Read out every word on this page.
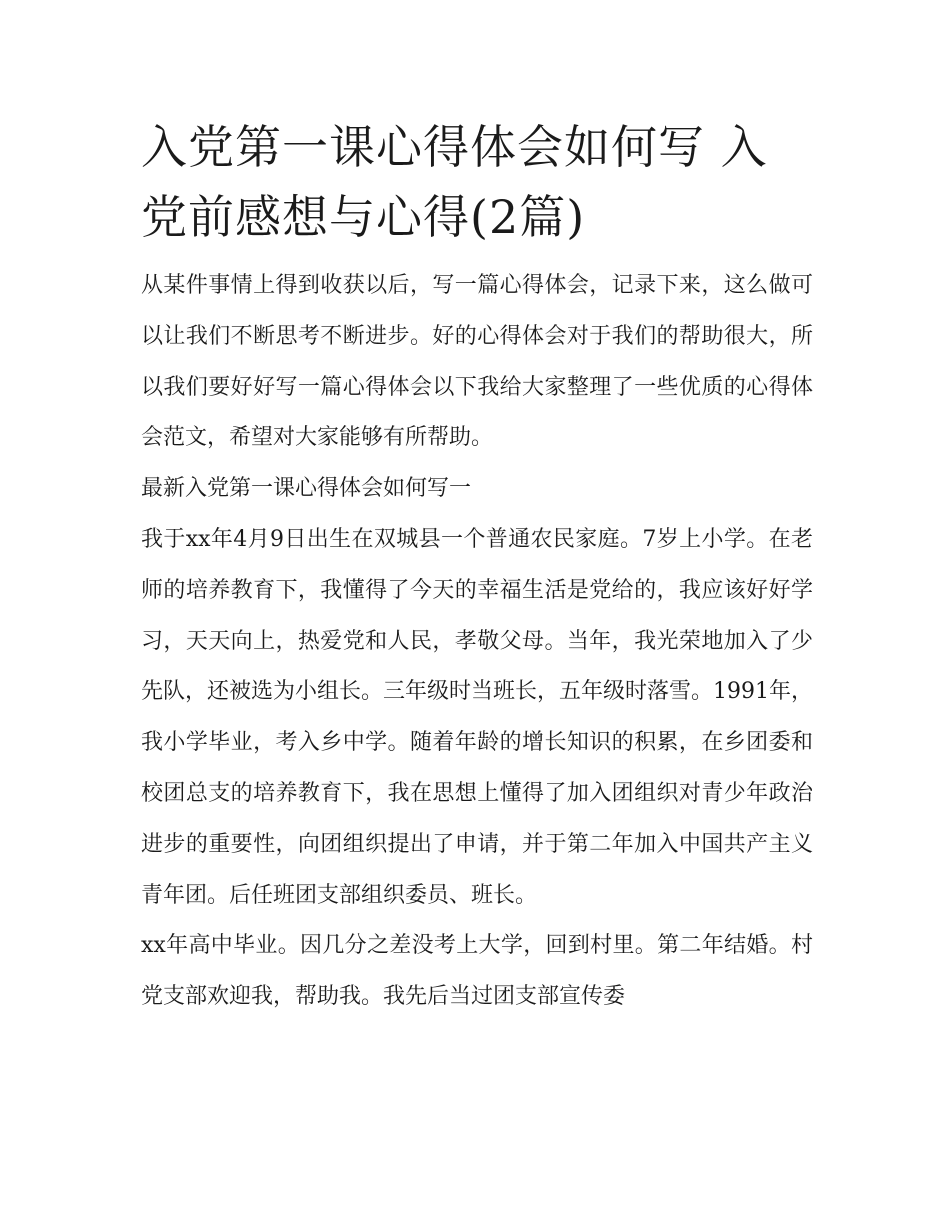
入党第一课心得体会如何写 入党前感想与心得(2篇)

从某件事情上得到收获以后，写一篇心得体会，记录下来，这么做可以让我们不断思考不断进步。好的心得体会对于我们的帮助很大，所以我们要好好写一篇心得体会以下我给大家整理了一些优质的心得体会范文，希望对大家能够有所帮助。

最新入党第一课心得体会如何写一

我于xx年4月9日出生在双城县一个普通农民家庭。7岁上小学。在老师的培养教育下，我懂得了今天的幸福生活是党给的，我应该好好学习，天天向上，热爱党和人民，孝敬父母。当年，我光荣地加入了少先队，还被选为小组长。三年级时当班长，五年级时落雪。1991年，我小学毕业，考入乡中学。随着年龄的增长知识的积累，在乡团委和校团总支的培养教育下，我在思想上懂得了加入团组织对青少年政治进步的重要性，向团组织提出了申请，并于第二年加入中国共产主义青年团。后任班团支部组织委员、班长。

xx年高中毕业。因几分之差没考上大学，回到村里。第二年结婚。村党支部欢迎我，帮助我。我先后当过团支部宣传委
